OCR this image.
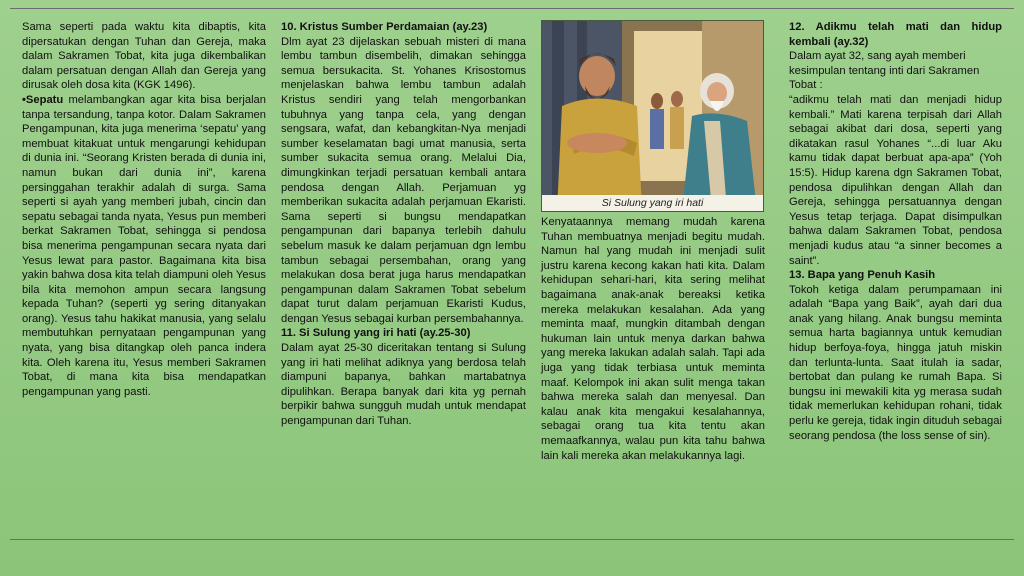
Sama seperti pada waktu kita dibaptis, kita dipersatukan dengan Tuhan dan Gereja, maka dalam Sakramen Tobat, kita juga dikembalikan dalam persatuan dengan Allah dan Gereja yang dirusak oleh dosa kita (KGK 1496).

•Sepatu melambangkan agar kita bisa berjalan tanpa tersandung, tanpa kotor. Dalam Sakramen Pengampunan, kita juga menerima ‘sepatu’ yang membuat kitakuat untuk mengarungi kehidupan di dunia ini. “Seorang Kristen berada di dunia ini, namun bukan dari dunia ini”, karena persinggahan terakhir adalah di surga. Sama seperti si ayah yang memberi jubah, cincin dan sepatu sebagai tanda nyata, Yesus pun memberi berkat Sakramen Tobat, sehingga si pendosa bisa menerima pengampunan secara nyata dari Yesus lewat para pastor. Bagaimana kita bisa yakin bahwa dosa kita telah diampuni oleh Yesus bila kita memohon ampun secara langsung kepada Tuhan? (seperti yg sering ditanyakan orang). Yesus tahu hakikat manusia, yang selalu membutuhkan pernyataan pengampunan yang nyata, yang bisa ditangkap oleh panca indera kita. Oleh karena itu, Yesus memberi Sakramen Tobat, di mana kita bisa mendapatkan pengampunan yang pasti.

10. Kristus Sumber Perdamaian (ay.23)

Dlm ayat 23 dijelaskan sebuah misteri di mana lembu tambun disembelih, dimakan sehingga semua bersukacita. St. Yohanes Krisostomus menjelaskan bahwa lembu tambun adalah Kristus sendiri yang telah mengorbankan tubuhnya yang tanpa cela, yang dengan sengsara, wafat, dan kebangkitan-Nya menjadi sumber keselamatan bagi umat manusia, serta sumber sukacita semua orang. Melalui Dia, dimungkinkan terjadi persatuan kembali antara pendosa dengan Allah. Perjamuan yg memberikan sukacita adalah perjamuan Ekaristi. Sama seperti si bungsu mendapatkan pengampunan dari bapanya terlebih dahulu sebelum masuk ke dalam perjamuan dgn lembu tambun sebagai persembahan, orang yang melakukan dosa berat juga harus mendapatkan pengampunan dalam Sakramen Tobat sebelum dapat turut dalam perjamuan Ekaristi Kudus, dengan Yesus sebagai kurban persembahannya.

11. Si Sulung yang iri hati (ay.25-30)

Dalam ayat 25-30 diceritakan tentang si Sulung yang iri hati melihat adiknya yang berdosa telah diampuni bapanya, bahkan martabatnya dipulihkan. Berapa banyak dari kita yg pernah berpikir bahwa sungguh mudah untuk mendapat pengampunan dari Tuhan.

Si Sulung yang iri hati

Kenyataannya memang mudah karena Tuhan membuatnya menjadi begitu mudah. Namun hal yang mudah ini menjadi sulit justru karena kecong kakan hati kita. Dalam kehidupan sehari-hari, kita sering melihat bagaimana anak-anak bereaksi ketika mereka melakukan kesalahan. Ada yang meminta maaf, mungkin ditambah dengan hukuman lain untuk menya darkan bahwa yang mereka lakukan adalah salah. Tapi ada juga yang tidak terbiasa untuk meminta maaf. Kelompok ini akan sulit menga takan bahwa mereka salah dan menyesal. Dan kalau anak kita mengakui kesalahannya, sebagai orang tua kita tentu akan memaafkannya, walau pun kita tahu bahwa lain kali mereka akan melakukannya lagi.

12. Adikmu telah mati dan hidup kembali (ay.32)

Dalam ayat 32, sang ayah memberi kesimpulan tentang inti dari Sakramen Tobat :

“adikmu telah mati dan menjadi hidup kembali.” Mati karena terpisah dari Allah sebagai akibat dari dosa, seperti yang dikatakan rasul Yohanes “...di luar Aku kamu tidak dapat berbuat apa-apa” (Yoh 15:5). Hidup karena dgn Sakramen Tobat, pendosa dipulihkan dengan Allah dan Gereja, sehingga persatuannya dengan Yesus tetap terjaga. Dapat disimpulkan bahwa dalam Sakramen Tobat, pendosa menjadi kudus atau “a sinner becomes a saint”.

13. Bapa yang Penuh Kasih

Tokoh ketiga dalam perumpamaan ini adalah “Bapa yang Baik”, ayah dari dua anak yang hilang. Anak bungsu meminta semua harta bagiannya untuk kemudian hidup berfoya-foya, hingga jatuh miskin dan terlunta-lunta. Saat itulah ia sadar, bertobat dan pulang ke rumah Bapa. Si bungsu ini mewakili kita yg merasa sudah tidak memerlukan kehidupan rohani, tidak perlu ke gereja, tidak ingin dituduh sebagai seorang pendosa (the loss sense of sin).
